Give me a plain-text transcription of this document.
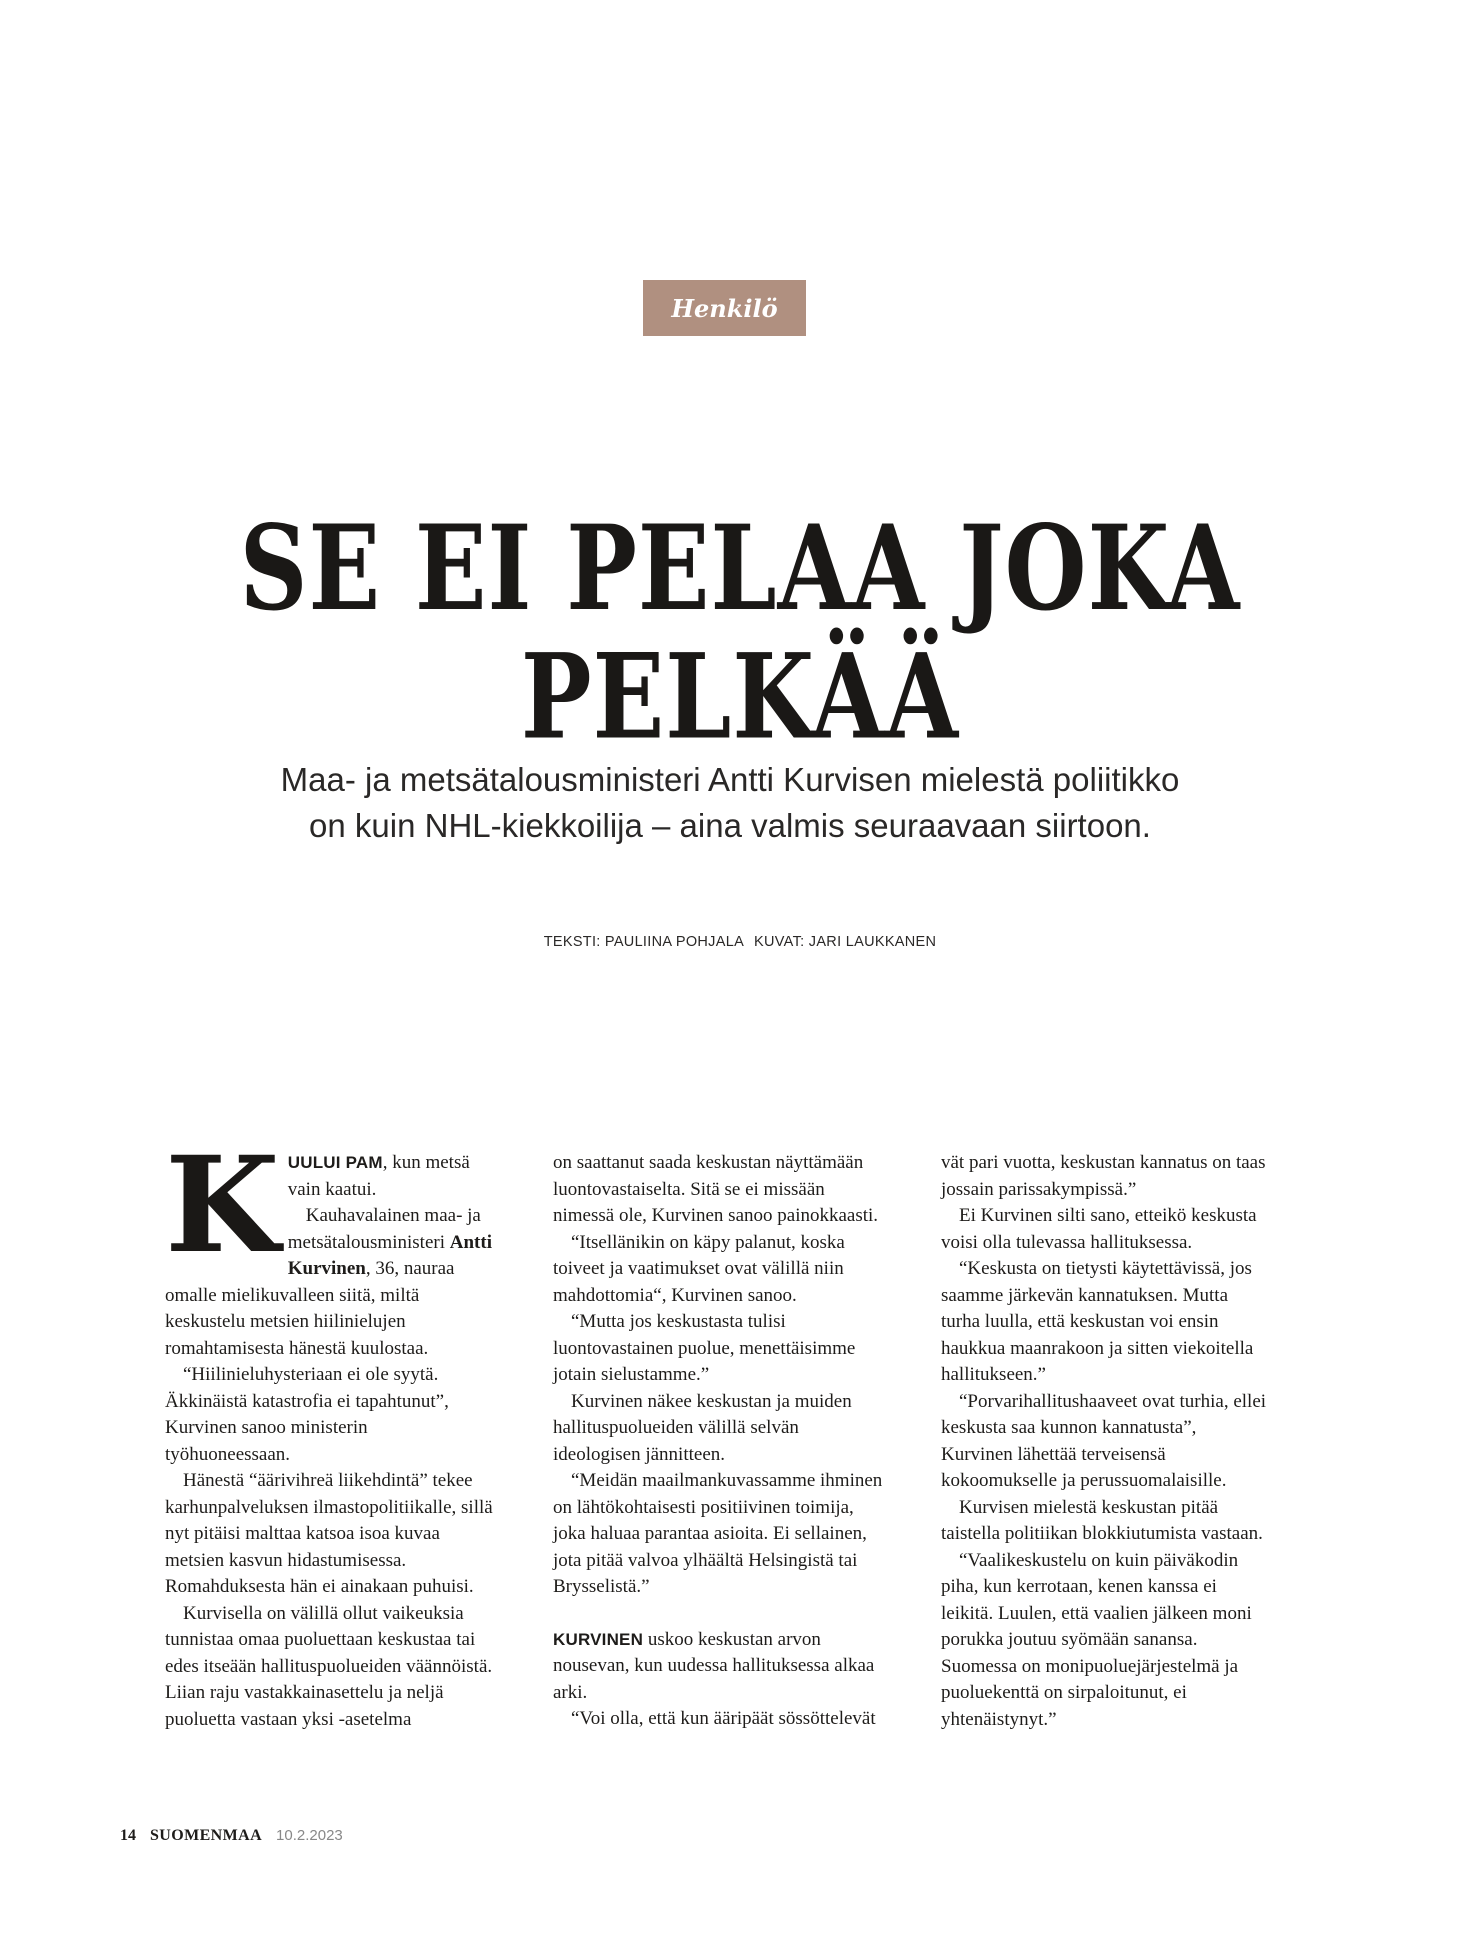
Henkilö
SE EI PELAA JOKA PELKÄÄ
Maa- ja metsätalousministeri Antti Kurvisen mielestä poliitikko
on kuin NHL-kiekkoilija – aina valmis seuraavaan siirtoon.
TEKSTI: PAULIINA POHJALA KUVAT: JARI LAUKKANEN

KUULUI PAM, kun metsä vain kaatui.

Kauhavalainen maa- ja metsätalousministeri Antti Kurvinen, 36, nauraa omalle mielikuvalleen siitä, miltä keskustelu metsien hiilinielujen romahtamisesta hänestä kuulostaa.

“Hiilinieluhysteriaan ei ole syytä. Äkkinäistä katastrofia ei tapahtunut”, Kurvinen sanoo ministerin työhuoneessaan.

Hänestä “äärivihreä liikehdintä” tekee karhunpalveluksen ilmastopolitiikalle, sillä nyt pitäisi malttaa katsoa isoa kuvaa metsien kasvun hidastumisessa. Romahduksesta hän ei ainakaan puhuisi.

Kurvisella on välillä ollut vaikeuksia tunnistaa omaa puoluettaan keskustaa tai edes itseään hallituspuolueiden väännöistä. Liian raju vastakkainasettelu ja neljä puoluetta vastaan yksi -asetelma

on saattanut saada keskustan näyttämään luontovastaiselta. Sitä se ei missään nimessä ole, Kurvinen sanoo painokkaasti.

“Itsellänikin on käpy palanut, koska toiveet ja vaatimukset ovat välillä niin mahdottomia“, Kurvinen sanoo.

“Mutta jos keskustasta tulisi luontovastainen puolue, menettäisimme jotain sielustamme.”

Kurvinen näkee keskustan ja muiden hallituspuolueiden välillä selvän ideologisen jännitteen.

“Meidän maailmankuvassamme ihminen on lähtökohtaisesti positiivinen toimija, joka haluaa parantaa asioita. Ei sellainen, jota pitää valvoa ylhäältä Helsingistä tai Brysselistä.”

KURVINEN uskoo keskustan arvon nousevan, kun uudessa hallituksessa alkaa arki.

“Voi olla, että kun ääripäät sössöttelevät

vät pari vuotta, keskustan kannatus on taas jossain parissakympissä.”

Ei Kurvinen silti sano, etteikö keskusta voisi olla tulevassa hallituksessa.

“Keskusta on tietysti käytettävissä, jos saamme järkevän kannatuksen. Mutta turha luulla, että keskustan voi ensin haukkua maanrakoon ja sitten viekoitella hallitukseen.”

“Porvarihallitushaaveet ovat turhia, ellei keskusta saa kunnon kannatusta”, Kurvinen lähettää terveisensä kokoomukselle ja perussuomalaisille.

Kurvisen mielestä keskustan pitää taistella politiikan blokkiutumista vastaan.

“Vaalikeskustelu on kuin päiväkodin piha, kun kerrotaan, kenen kanssa ei leikitä. Luulen, että vaalien jälkeen moni porukka joutuu syömään sanansa. Suomessa on monipuoluejärjestelmä ja puoluekenttä on sirpaloitunut, ei yhtenäistynyt.”

14 SUOMENMAA 10.2.2023
